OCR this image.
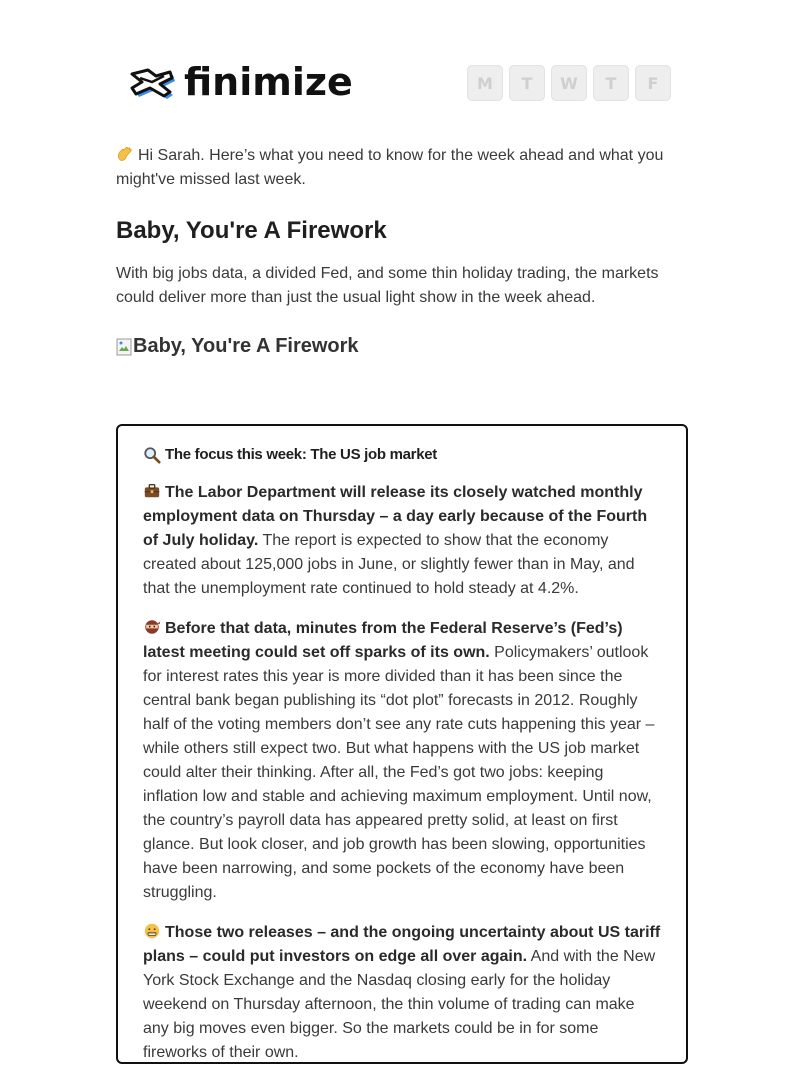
finimize	M	T	W	T	F
Hi Sarah. Here’s what you need to know for the week ahead and what you might've missed last week.
Baby, You're A Firework

With big jobs data, a divided Fed, and some thin holiday trading, the markets could deliver more than just the usual light show in the week ahead.

Baby, You're A Firework
The focus this week: The US job market

The Labor Department will release its closely watched monthly employment data on Thursday – a day early because of the Fourth of July holiday. The report is expected to show that the economy created about 125,000 jobs in June, or slightly fewer than in May, and that the unemployment rate continued to hold steady at 4.2%.

Before that data, minutes from the Federal Reserve’s (Fed’s) latest meeting could set off sparks of its own. Policymakers’ outlook for interest rates this year is more divided than it has been since the central bank began publishing its “dot plot” forecasts in 2012. Roughly half of the voting members don’t see any rate cuts happening this year – while others still expect two. But what happens with the US job market could alter their thinking. After all, the Fed’s got two jobs: keeping inflation low and stable and achieving maximum employment. Until now, the country’s payroll data has appeared pretty solid, at least on first glance. But look closer, and job growth has been slowing, opportunities have been narrowing, and some pockets of the economy have been struggling.

Those two releases – and the ongoing uncertainty about US tariff plans – could put investors on edge all over again. And with the New York Stock Exchange and the Nasdaq closing early for the holiday weekend on Thursday afternoon, the thin volume of trading can make any big moves even bigger. So the markets could be in for some fireworks of their own.
